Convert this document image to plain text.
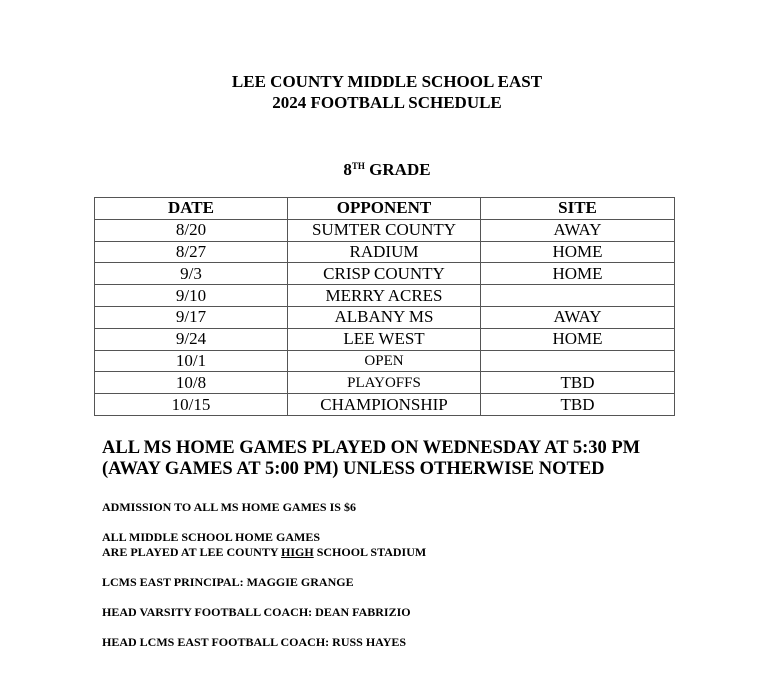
LEE COUNTY MIDDLE SCHOOL EAST
2024 FOOTBALL SCHEDULE
8TH GRADE
DATE	OPPONENT	SITE
8/20	SUMTER COUNTY	AWAY
8/27	RADIUM	HOME
9/3	CRISP COUNTY	HOME
9/10	MERRY ACRES	
9/17	ALBANY MS	AWAY
9/24	LEE WEST	HOME
10/1	OPEN	
10/8	PLAYOFFS	TBD
10/15	CHAMPIONSHIP	TBD
ALL MS HOME GAMES PLAYED ON WEDNESDAY AT 5:30 PM
(AWAY GAMES AT 5:00 PM) UNLESS OTHERWISE NOTED
ADMISSION TO ALL MS HOME GAMES IS $6
ALL MIDDLE SCHOOL HOME GAMES
ARE PLAYED AT LEE COUNTY HIGH SCHOOL STADIUM
LCMS EAST PRINCIPAL: MAGGIE GRANGE
HEAD VARSITY FOOTBALL COACH: DEAN FABRIZIO
HEAD LCMS EAST FOOTBALL COACH: RUSS HAYES
